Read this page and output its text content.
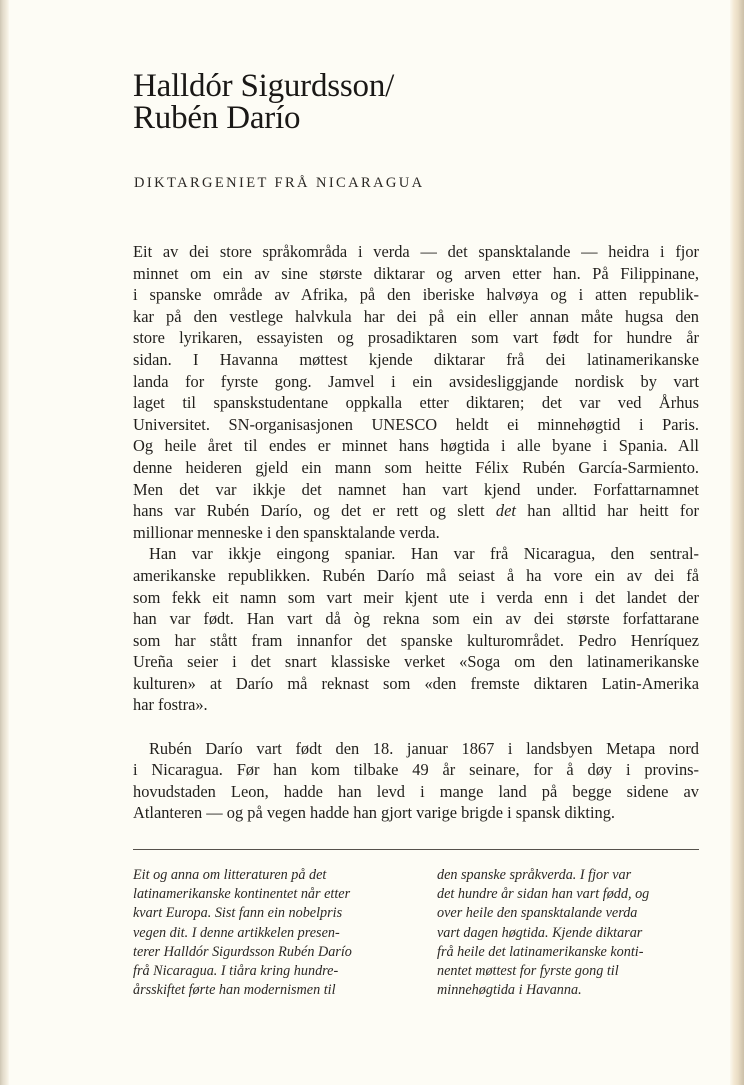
Halldór Sigurdsson/
Rubén Darío
DIKTARGENIET FRÅ NICARAGUA

Eit av dei store språkområda i verda — det spansktalande — heidra i fjor
minnet om ein av sine største diktarar og arven etter han. På Filippinane,
i spanske område av Afrika, på den iberiske halvøya og i atten republik-
kar på den vestlege halvkula har dei på ein eller annan måte hugsa den
store lyrikaren, essayisten og prosadiktaren som vart født for hundre år
sidan. I Havanna møttest kjende diktarar frå dei latinamerikanske
landa for fyrste gong. Jamvel i ein avsidesliggjande nordisk by vart
laget til spanskstudentane oppkalla etter diktaren; det var ved Århus
Universitet. SN-organisasjonen UNESCO heldt ei minnehøgtid i Paris.
Og heile året til endes er minnet hans høgtida i alle byane i Spania. All
denne heideren gjeld ein mann som heitte Félix Rubén García-Sarmiento.
Men det var ikkje det namnet han vart kjend under. Forfattarnamnet
hans var Rubén Darío, og det er rett og slett det han alltid har heitt for
millionar menneske i den spansktalande verda.

Han var ikkje eingong spaniar. Han var frå Nicaragua, den sentral-
amerikanske republikken. Rubén Darío må seiast å ha vore ein av dei få
som fekk eit namn som vart meir kjent ute i verda enn i det landet der
han var født. Han vart då òg rekna som ein av dei største forfattarane
som har stått fram innanfor det spanske kulturområdet. Pedro Henríquez
Ureña seier i det snart klassiske verket «Soga om den latinamerikanske
kulturen» at Darío må reknast som «den fremste diktaren Latin-Amerika
har fostra».

Rubén Darío vart født den 18. januar 1867 i landsbyen Metapa nord
i Nicaragua. Før han kom tilbake 49 år seinare, for å døy i provins-
hovudstaden Leon, hadde han levd i mange land på begge sidene av
Atlanteren — og på vegen hadde han gjort varige brigde i spansk dikting.

Eit og anna om litteraturen på det
latinamerikanske kontinentet når etter
kvart Europa. Sist fann ein nobelpris
vegen dit. I denne artikkelen presen-
terer Halldór Sigurdsson Rubén Darío
frå Nicaragua. I tiåra kring hundre-
årsskiftet førte han modernismen til
den spanske språkverda. I fjor var
det hundre år sidan han vart fødd, og
over heile den spansktalande verda
vart dagen høgtida. Kjende diktarar
frå heile det latinamerikanske konti-
nentet møttest for fyrste gong til
minnehøgtida i Havanna.
